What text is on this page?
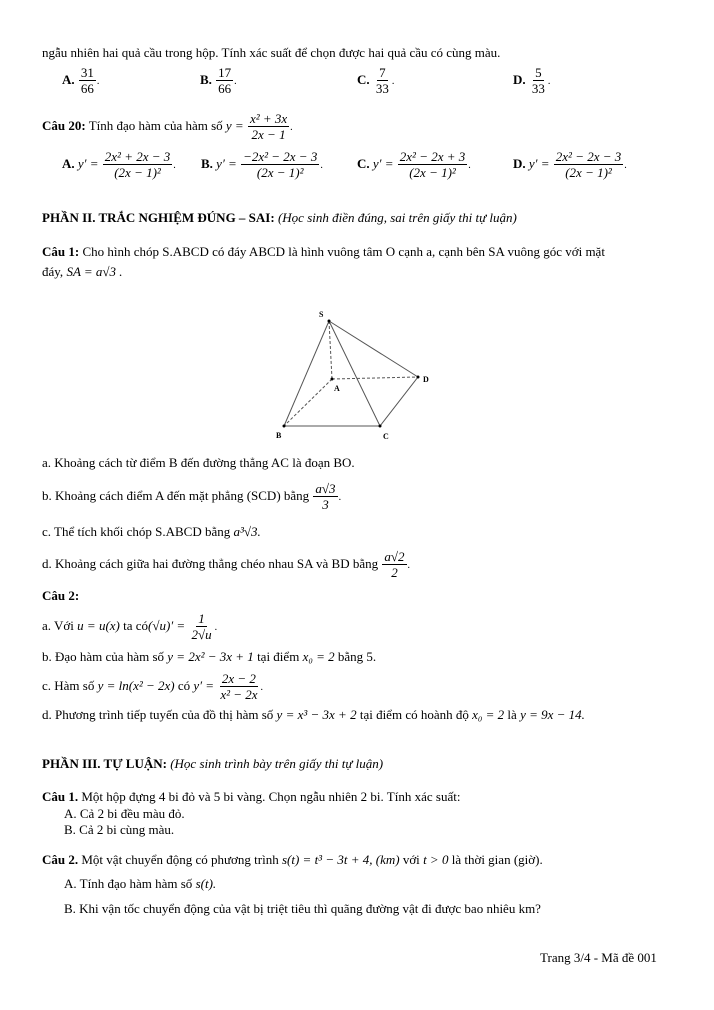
ngẫu nhiên hai quả cầu trong hộp. Tính xác suất để chọn được hai quả cầu có cùng màu.
A. $\frac{31}{66}$ .	B. $\frac{17}{66}$ .	C. $\frac{7}{33}$ .	D. $\frac{5}{33}$ .
Câu 20: Tính đạo hàm của hàm số $y = \frac{\text{x² + 3x}}{2x - 1}$ .
A. $y' = \frac{\text{2x² + 2x − 3}}{\text{(2x − 1)²}}$ . B. $y' = \frac{\text{−2x² − 2x − 3}}{\text{(2x − 1)²}}$ .	C. $y' = \frac{\text{2x² − 2x + 3}}{\text{(2x − 1)²}}$ .	D. $y' = \frac{\text{2x² − 2x − 3}}{\text{(2x − 1)²}}$ .
PHẦN II. TRẮC NGHIỆM ĐÚNG – SAI: (Học sinh điền đúng, sai trên giấy thi tự luận)
Câu 1: Cho hình chóp S.ABCD có đáy ABCD là hình vuông tâm O cạnh a, cạnh bên SA vuông góc với mặt
đáy, SA = a√3 .
S
A
B	C
D
a. Khoảng cách từ điểm B đến đường thẳng AC là đoạn BO.
b. Khoảng cách điểm A đến mặt phẳng (SCD) bằng $\frac{a√3}{3}$ .
c. Thể tích khối chóp S.ABCD bằng a³√3.
d. Khoảng cách giữa hai đường thẳng chéo nhau SA và BD bằng $\frac{a√2}{2}$ .
Câu 2:
a. Với u = u(x) ta có(√u)′ = $\frac{1}{2√u}$ .
b. Đạo hàm của hàm số y = 2x² − 3x + 1 tại điểm x₀ = 2 bằng 5.
c. Hàm số y = ln(x² − 2x) có $y' = \frac{2x - 2}{\text{x² − 2x}}$ .
d. Phương trình tiếp tuyến của đồ thị hàm số y = x³ − 3x + 2 tại điểm có hoành độ x₀ = 2 là y = 9x − 14.
PHẦN III. TỰ LUẬN: (Học sinh trình bày trên giấy thi tự luận)
Câu 1. Một hộp đựng 4 bi đỏ và 5 bi vàng. Chọn ngẫu nhiên 2 bi. Tính xác suất:
A. Cả 2 bi đều màu đỏ.
B. Cả 2 bi cùng màu.
Câu 2. Một vật chuyển động có phương trình s(t) = t³ − 3t + 4, (km) với t > 0 là thời gian (giờ).
A. Tính đạo hàm hàm số s(t).
B. Khi vận tốc chuyển động của vật bị triệt tiêu thì quãng đường vật đi được bao nhiêu km?
Trang 3/4 - Mã đề 001
